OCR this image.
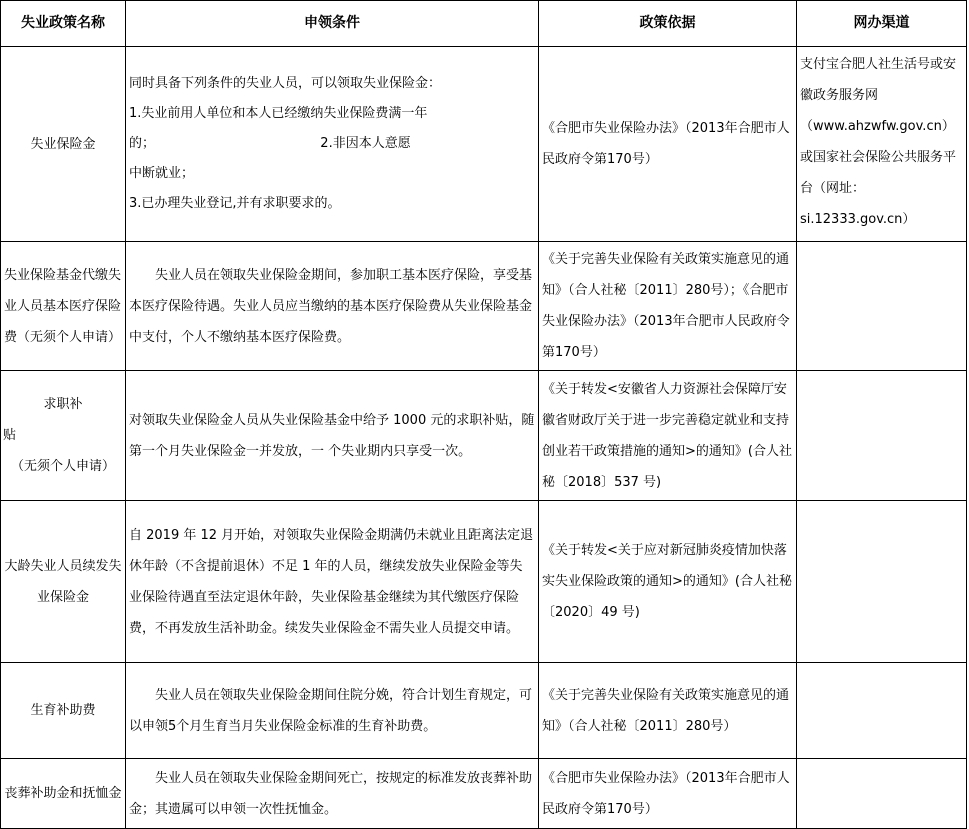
失业政策名称	申领条件	政策依据	网办渠道
失业保险金	同时具备下列条件的失业人员，可以领取失业保险金：
1.失业前用人单位和本人已经缴纳失业保险费满一年
的；                                        2.非因本人意愿
中断就业；
3.已办理失业登记,并有求职要求的。	《合肥市失业保险办法》（2013年合肥市人民政府令第170号）	支付宝合肥人社生活号或安徽政务服务网（www.ahzwfw.gov.cn）或国家社会保险公共服务平台（网址：si.12333.gov.cn）
失业保险基金代缴失业人员基本医疗保险费（无须个人申请）	失业人员在领取失业保险金期间，参加职工基本医疗保险，享受基本医疗保险待遇。失业人员应当缴纳的基本医疗保险费从失业保险基金中支付，个人不缴纳基本医疗保险费。	《关于完善失业保险有关政策实施意见的通知》（合人社秘〔2011〕280号）；《合肥市失业保险办法》（2013年合肥市人民政府令第170号）	

求职补
贴
（无须个人申请）	对领取失业保险金人员从失业保险基金中给予 1000 元的求职补贴，随第一个月失业保险金一并发放，一 个失业期内只享受一次。	《关于转发<安徽省人力资源社会保障厅安徽省财政厅关于进一步完善稳定就业和支持创业若干政策措施的通知>的通知》(合人社秘〔2018〕537 号)	
大龄失业人员续发失业保险金	自 2019 年 12 月开始，对领取失业保险金期满仍未就业且距离法定退休年龄（不含提前退休）不足 1 年的人员，继续发放失业保险金等失业保险待遇直至法定退休年龄，失业保险基金继续为其代缴医疗保险费，不再发放生活补助金。续发失业保险金不需失业人员提交申请。	《关于转发<关于应对新冠肺炎疫情加快落实失业保险政策的通知>的通知》(合人社秘〔2020〕49 号)	
生育补助费	失业人员在领取失业保险金期间住院分娩，符合计划生育规定，可以申领5个月生育当月失业保险金标准的生育补助费。	《关于完善失业保险有关政策实施意见的通知》（合人社秘〔2011〕280号）	
丧葬补助金和抚恤金	失业人员在领取失业保险金期间死亡，按规定的标准发放丧葬补助金；其遗属可以申领一次性抚恤金。	《合肥市失业保险办法》（2013年合肥市人民政府令第170号）	
